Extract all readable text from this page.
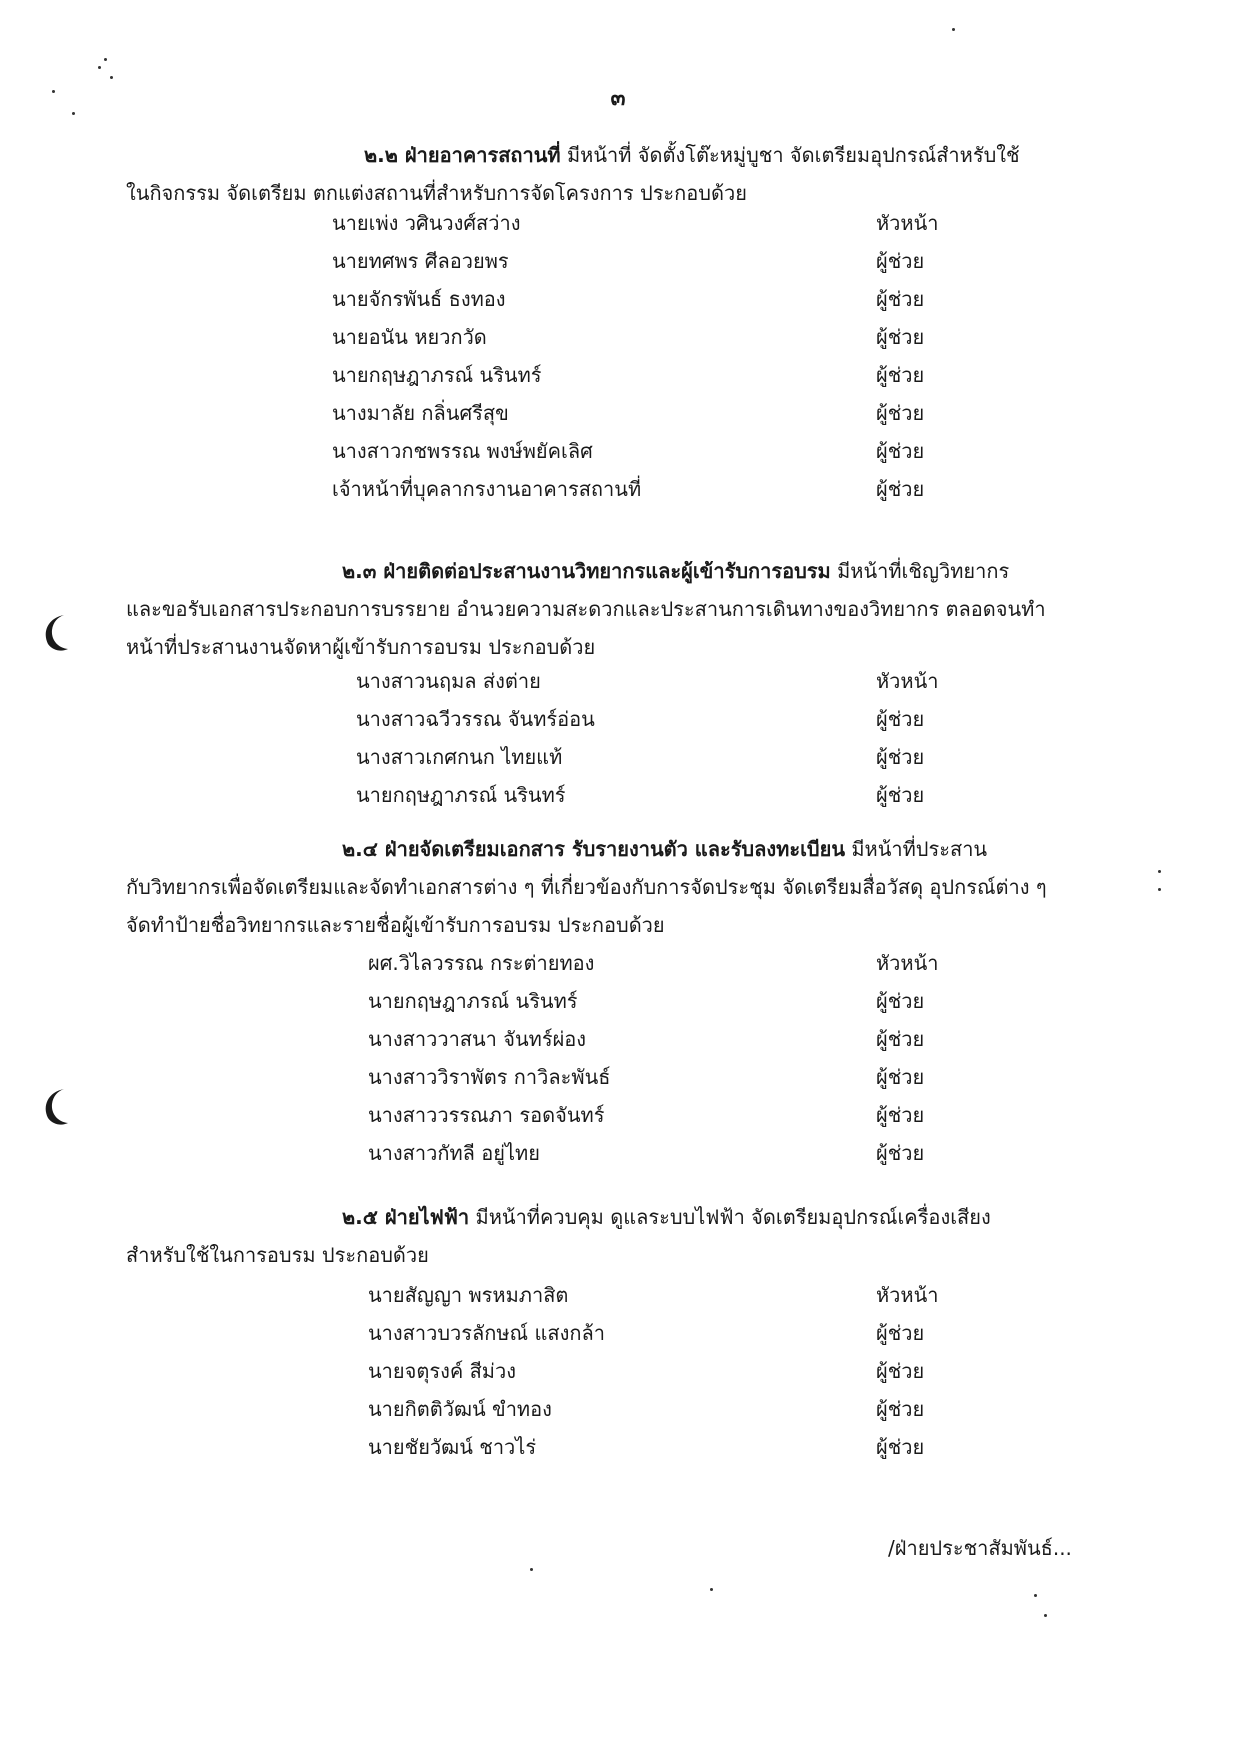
๓

๒.๒ ฝ่ายอาคารสถานที่ มีหน้าที่ จัดตั้งโต๊ะหมู่บูชา จัดเตรียมอุปกรณ์สำหรับใช้
ในกิจกรรม จัดเตรียม ตกแต่งสถานที่สำหรับการจัดโครงการ ประกอบด้วย

นายเพ่ง วศินวงศ์สว่าง	หัวหน้า
นายทศพร ศีลอวยพร	ผู้ช่วย
นายจักรพันธ์ ธงทอง	ผู้ช่วย
นายอนัน หยวกวัด	ผู้ช่วย
นายกฤษฎาภรณ์ นรินทร์	ผู้ช่วย
นางมาลัย กลิ่นศรีสุข	ผู้ช่วย
นางสาวกชพรรณ พงษ์พยัคเลิศ	ผู้ช่วย
เจ้าหน้าที่บุคลากรงานอาคารสถานที่	ผู้ช่วย

๒.๓ ฝ่ายติดต่อประสานงานวิทยากรและผู้เข้ารับการอบรม มีหน้าที่เชิญวิทยากร
และขอรับเอกสารประกอบการบรรยาย อำนวยความสะดวกและประสานการเดินทางของวิทยากร ตลอดจนทำ
หน้าที่ประสานงานจัดหาผู้เข้ารับการอบรม ประกอบด้วย

นางสาวนฤมล ส่งต่าย	หัวหน้า
นางสาวฉวีวรรณ จันทร์อ่อน	ผู้ช่วย
นางสาวเกศกนก ไทยแท้	ผู้ช่วย
นายกฤษฎาภรณ์ นรินทร์	ผู้ช่วย

๒.๔ ฝ่ายจัดเตรียมเอกสาร รับรายงานตัว และรับลงทะเบียน มีหน้าที่ประสาน
กับวิทยากรเพื่อจัดเตรียมและจัดทำเอกสารต่าง ๆ ที่เกี่ยวข้องกับการจัดประชุม จัดเตรียมสื่อวัสดุ อุปกรณ์ต่าง ๆ
จัดทำป้ายชื่อวิทยากรและรายชื่อผู้เข้ารับการอบรม ประกอบด้วย

ผศ.วิไลวรรณ กระต่ายทอง	หัวหน้า
นายกฤษฎาภรณ์ นรินทร์	ผู้ช่วย
นางสาววาสนา จันทร์ผ่อง	ผู้ช่วย
นางสาววิราพัตร กาวิละพันธ์	ผู้ช่วย
นางสาววรรณภา รอดจันทร์	ผู้ช่วย
นางสาวกัทลี อยู่ไทย	ผู้ช่วย

๒.๕ ฝ่ายไฟฟ้า มีหน้าที่ควบคุม ดูแลระบบไฟฟ้า จัดเตรียมอุปกรณ์เครื่องเสียง
สำหรับใช้ในการอบรม ประกอบด้วย

นายสัญญา พรหมภาสิต	หัวหน้า
นางสาวบวรลักษณ์ แสงกล้า	ผู้ช่วย
นายจตุรงค์ สีม่วง	ผู้ช่วย
นายกิตติวัฒน์ ขำทอง	ผู้ช่วย
นายชัยวัฒน์ ชาวไร่	ผู้ช่วย
/ฝ่ายประชาสัมพันธ์...
